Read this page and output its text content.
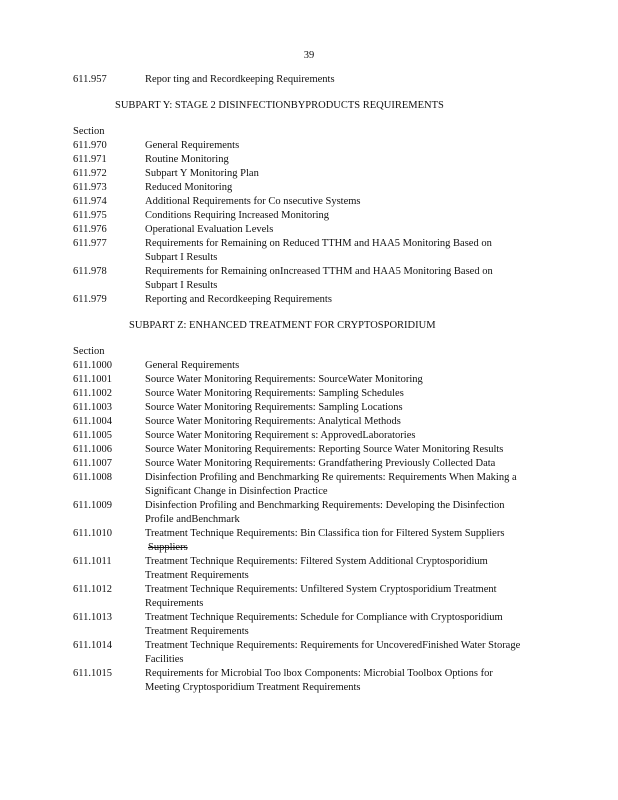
39
611.957	Repor ting and Recordkeeping Requirements
SUBPART Y: STAGE 2 DISINFECTIONBYPRODUCTS REQUIREMENTS
Section
611.970	General Requirements
611.971	Routine Monitoring
611.972	Subpart Y Monitoring Plan
611.973	Reduced Monitoring
611.974	Additional Requirements for Co nsecutive Systems
611.975	Conditions Requiring Increased Monitoring
611.976	Operational Evaluation Levels
611.977	Requirements for Remaining on Reduced TTHM and HAA5 Monitoring Based on Subpart I Results
611.978	Requirements for Remaining onIncreased TTHM and HAA5 Monitoring Based on Subpart I Results
611.979	Reporting and Recordkeeping Requirements
SUBPART Z: ENHANCED TREATMENT FOR CRYPTOSPORIDIUM
Section
611.1000	General Requirements
611.1001	Source Water Monitoring Requirements: SourceWater Monitoring
611.1002	Source Water Monitoring Requirements: Sampling Schedules
611.1003	Source Water Monitoring Requirements: Sampling Locations
611.1004	Source Water Monitoring Requirements: Analytical Methods
611.1005	Source Water Monitoring Requirement s: ApprovedLaboratories
611.1006	Source Water Monitoring Requirements: Reporting Source Water Monitoring Results
611.1007	Source Water Monitoring Requirements: Grandfathering Previously Collected Data
611.1008	Disinfection Profiling and Benchmarking Re quirements: Requirements When Making a Significant Change in Disinfection Practice
611.1009	Disinfection Profiling and Benchmarking Requirements: Developing the Disinfection Profile andBenchmark
611.1010	Treatment Technique Requirements: Bin Classifica tion for Filtered System Suppliers Suppliers
611.1011	Treatment Technique Requirements: Filtered System Additional Cryptosporidium Treatment Requirements
611.1012	Treatment Technique Requirements: Unfiltered System Cryptosporidium Treatment Requirements
611.1013	Treatment Technique Requirements: Schedule for Compliance with Cryptosporidium Treatment Requirements
611.1014	Treatment Technique Requirements: Requirements for UncoveredFinished Water Storage Facilities
611.1015	Requirements for Microbial Too lbox Components: Microbial Toolbox Options for Meeting Cryptosporidium Treatment Requirements
